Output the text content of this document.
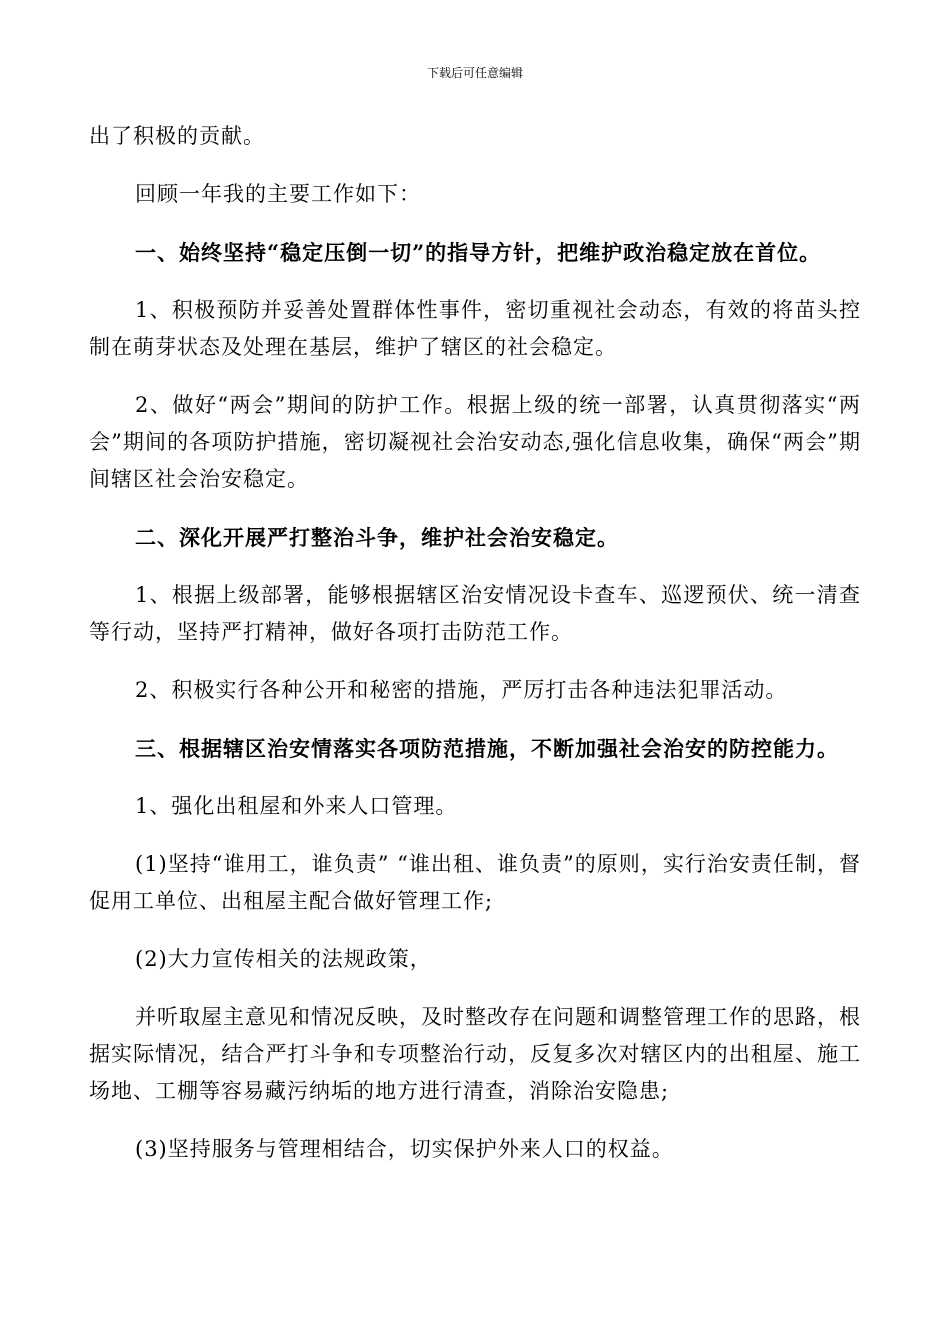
下载后可任意编辑

出了积极的贡献。

回顾一年我的主要工作如下：

一、始终坚持“稳定压倒一切”的指导方针，把维护政治稳定放在首位。

1、积极预防并妥善处置群体性事件，密切重视社会动态，有效的将苗头控制在萌芽状态及处理在基层，维护了辖区的社会稳定。

2、做好“两会”期间的防护工作。根据上级的统一部署，认真贯彻落实“两会”期间的各项防护措施，密切凝视社会治安动态,强化信息收集，确保“两会”期间辖区社会治安稳定。

二、深化开展严打整治斗争，维护社会治安稳定。

1、根据上级部署，能够根据辖区治安情况设卡查车、巡逻预伏、统一清查等行动，坚持严打精神，做好各项打击防范工作。

2、积极实行各种公开和秘密的措施，严厉打击各种违法犯罪活动。

三、根据辖区治安情落实各项防范措施，不断加强社会治安的防控能力。

1、强化出租屋和外来人口管理。

(1)坚持“谁用工，谁负责” “谁出租、谁负责”的原则，实行治安责任制，督促用工单位、出租屋主配合做好管理工作;

(2)大力宣传相关的法规政策，

并听取屋主意见和情况反映，及时整改存在问题和调整管理工作的思路，根据实际情况，结合严打斗争和专项整治行动，反复多次对辖区内的出租屋、施工场地、工棚等容易藏污纳垢的地方进行清查，消除治安隐患;

(3)坚持服务与管理相结合，切实保护外来人口的权益。
